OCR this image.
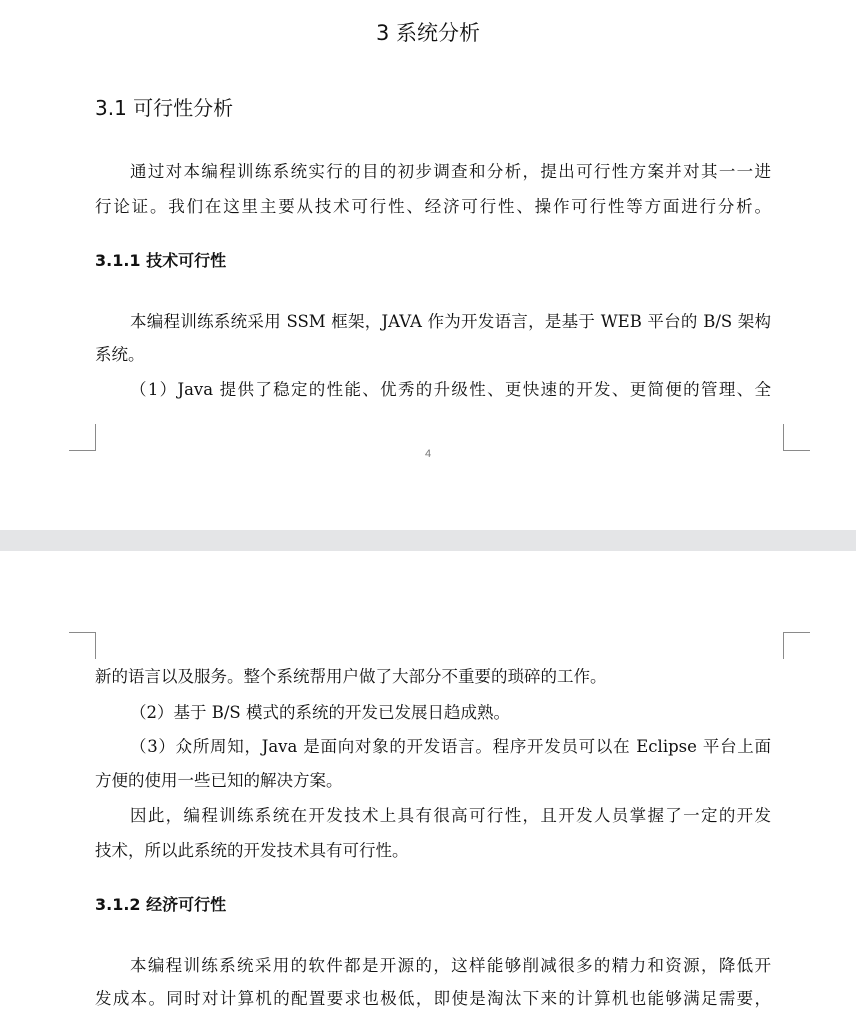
3 系统分析
3.1 可行性分析
通过对本编程训练系统实行的目的初步调查和分析，提出可行性方案并对其一一进
行论证。我们在这里主要从技术可行性、经济可行性、操作可行性等方面进行分析。
3.1.1 技术可行性
本编程训练系统采用 SSM 框架，JAVA 作为开发语言，是基于 WEB 平台的 B/S 架构
系统。
（1）Java 提供了稳定的性能、优秀的升级性、更快速的开发、更简便的管理、全
4
新的语言以及服务。整个系统帮用户做了大部分不重要的琐碎的工作。
（2）基于 B/S 模式的系统的开发已发展日趋成熟。
（3）众所周知，Java 是面向对象的开发语言。程序开发员可以在 Eclipse 平台上面
方便的使用一些已知的解决方案。
因此，编程训练系统在开发技术上具有很高可行性，且开发人员掌握了一定的开发
技术，所以此系统的开发技术具有可行性。
3.1.2 经济可行性
本编程训练系统采用的软件都是开源的，这样能够削减很多的精力和资源，降低开
发成本。同时对计算机的配置要求也极低，即使是淘汰下来的计算机也能够满足需要，
